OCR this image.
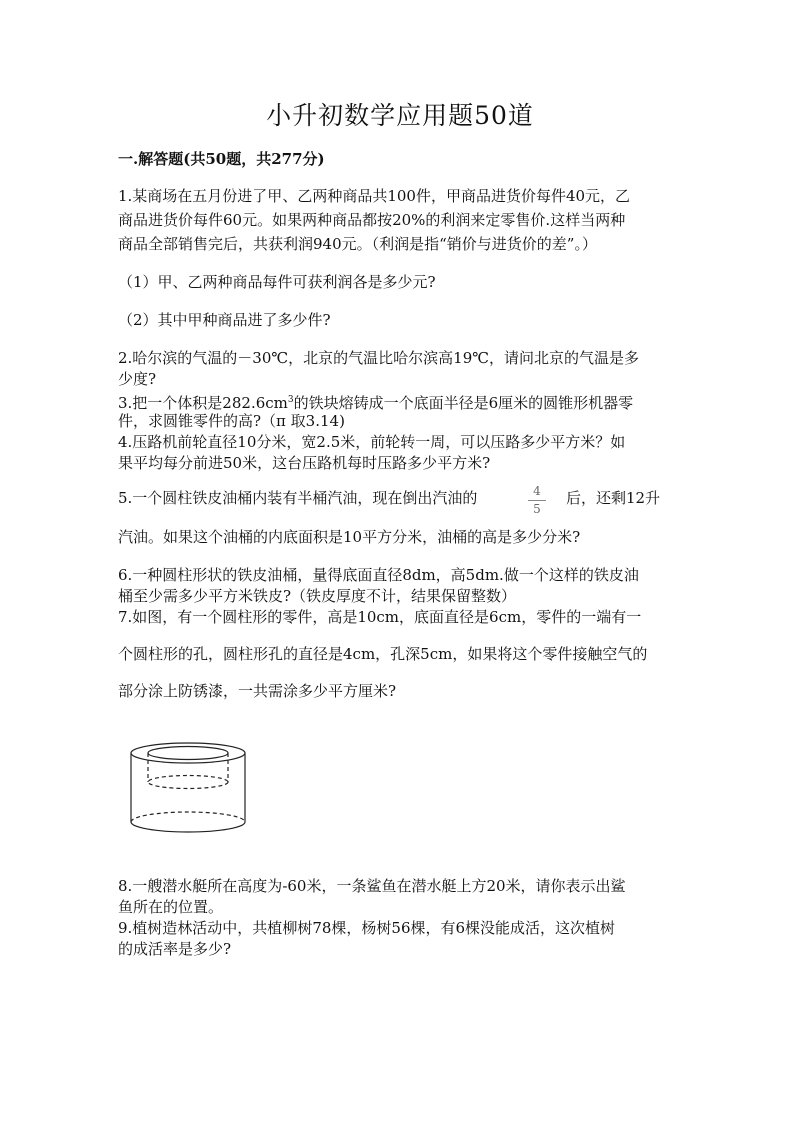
小升初数学应用题50道
一.解答题(共50题，共277分)
1.某商场在五月份进了甲、乙两种商品共100件，甲商品进货价每件40元，乙
商品进货价每件60元。如果两种商品都按20%的利润来定零售价.这样当两种
商品全部销售完后，共获利润940元。（利润是指“销价与进货价的差”。）
（1）甲、乙两种商品每件可获利润各是多少元?
（2）其中甲种商品进了多少件?
2.哈尔滨的气温的－30℃，北京的气温比哈尔滨高19℃，请问北京的气温是多
少度?
3.把一个体积是$282.6cm^3$的铁块熔铸成一个底面半径是6厘米的圆锥形机器零
件，求圆锥零件的高?（π 取3.14)
4.压路机前轮直径10分米，宽2.5米，前轮转一周，可以压路多少平方米？如
果平均每分前进50米，这台压路机每时压路多少平方米?
5.一个圆柱铁皮油桶内装有半桶汽油，现在倒出汽油的	4
5
后，还剩12升
汽油。如果这个油桶的内底面积是10平方分米，油桶的高是多少分米?
6.一种圆柱形状的铁皮油桶，量得底面直径8dm，高5dm.做一个这样的铁皮油
桶至少需多少平方米铁皮?（铁皮厚度不计，结果保留整数）
7.如图，有一个圆柱形的零件，高是10cm，底面直径是6cm，零件的一端有一
个圆柱形的孔，圆柱形孔的直径是4cm，孔深5cm，如果将这个零件接触空气的
部分涂上防锈漆，一共需涂多少平方厘米?
8.一艘潜水艇所在高度为-60米，一条鲨鱼在潜水艇上方20米，请你表示出鲨
鱼所在的位置。
9.植树造林活动中，共植柳树78棵，杨树56棵，有6棵没能成活，这次植树
的成活率是多少?
